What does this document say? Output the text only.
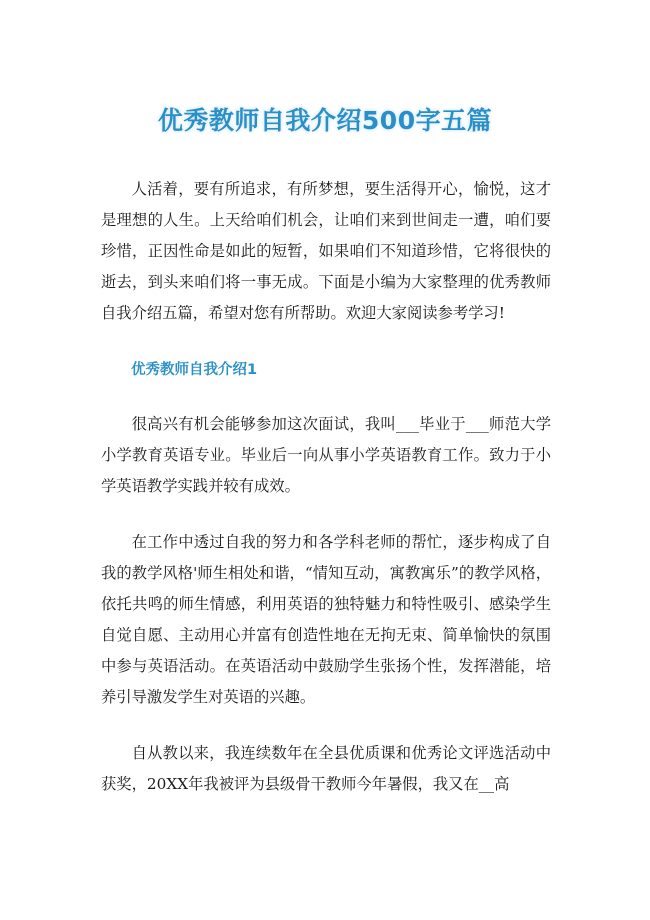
优秀教师自我介绍500字五篇

人活着，要有所追求，有所梦想，要生活得开心，愉悦，这才是理想的人生。上天给咱们机会，让咱们来到世间走一遭，咱们要珍惜，正因性命是如此的短暂，如果咱们不知道珍惜，它将很快的逝去，到头来咱们将一事无成。下面是小编为大家整理的优秀教师自我介绍五篇，希望对您有所帮助。欢迎大家阅读参考学习!

优秀教师自我介绍1

很高兴有机会能够参加这次面试，我叫___毕业于___师范大学小学教育英语专业。毕业后一向从事小学英语教育工作。致力于小学英语教学实践并较有成效。

在工作中透过自我的努力和各学科老师的帮忙，逐步构成了自我的教学风格'师生相处和谐，“情知互动，寓教寓乐”的教学风格，依托共鸣的师生情感，利用英语的独特魅力和特性吸引、感染学生自觉自愿、主动用心并富有创造性地在无拘无束、简单愉快的氛围中参与英语活动。在英语活动中鼓励学生张扬个性，发挥潜能，培养引导激发学生对英语的兴趣。

自从教以来，我连续数年在全县优质课和优秀论文评选活动中获奖，20XX年我被评为县级骨干教师今年暑假，我又在__高
